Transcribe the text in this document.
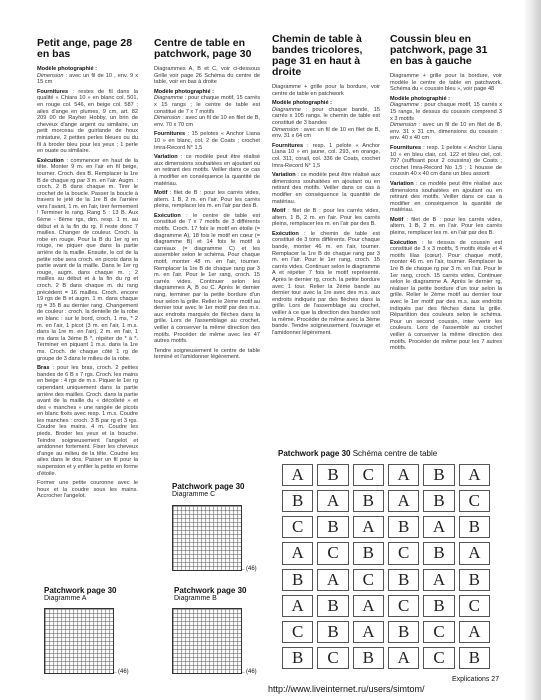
Petit ange, page 28 en bas

Modèle photographié :
Dimension : avec un fil de 10 , env. 9 x 15 cm

Fournitures : restes de fil dans la qualité « Chiara 10 » en blanc col. 501, en rouge col. 546, en beige col. 587 ; ailes d'ange en plumes, 9 cm, art. 82 209 00 de Rayher Hobby, un brin de cheveux d'ange argent ou similaire, un petit morceau de guirlande de houx miniature, 2 petites perles bleues ou du fil à broder bleu pour les yeux ; 1 perle en ouate ou similaire.

Exécution : commencer en haut de la tête. Monter 9 m. en l'air en fil beige, tourner. Croch. des B. Remplacer la 1re B de chaque rg par 3 m. en l'air. Augm. : croch. 2 B dans chaque m. Tirer le crochet de la boucle. Passer la boucle à travers le jeté de la 1re B de l'arrière vers l'avant, 1 m. en l'air, tirer fermement ! Terminer le rang. Rang 5 : 13 B. Aux 6ème - 8ème rgs, dim. resp. 1 m. au début et à la fin du rg. Il reste donc 7 mailles. Changer de couleur. Croch. la robe en rouge. Pour la B du 1er rg en rouge, ne piquer que dans la partie arrière de la maille. Ensuite, le col de la petite robe sera croch. en picots dans la partie avant de la maille. Dans le 1er rg rouge, augm. dans chaque m. ; 2 mailles au début et à la fin du rg et croch. 2 B dans chaque m. du rang précédent = 16 mailles. Croch. encore 19 rgs de B et augm. 1 m. dans chaque rg = 35 B au dernier rang. Changement de couleur : croch. la dentelle de la robe en blanc : sur le bord, croch. 1 ms, * 2 m. en l'air, 1 picot (3 m. en l'air, 1 m.s. dans la 1re m. en l'air), 2 m. en l'air, 1 ms dans la 3ème B *, répéter de * à *. Terminer en piquant 1 m.s. dans la 1re ms. Croch. de chaque côté 1 rg de groupe de 3 dans le milieu de la robe.

Bras : pour les bras, croch. 2 petites bandes de 6 B x 7 rgs. Croch. les mains en beige : 4 rgs de m.s. Piquer le 1er rg cependant uniquement dans la partie arrière des mailles. Croch. dans la partie avant de la maille du « décolleté » et des « manches » une rangée de picots en blanc fixés avec resp. 1 m.s. Coudre les manches : croch. 3 B par rg et 3 rgs. Coudre les mains. 4 m. Coudre les pieds. Broder les yeux et la bouche. Teindre soigneusement l'angelot et amidonner fortement. Fixer les cheveux d'ange au milieu de la tête. Coudre les ailes dans le dos. Passer un fil pour la suspension et y enfiler la petite en forme d'étoile.

Former une petite couronne avec le houx et la coudre sous les mains. Accrocher l'angelot.

Centre de table en patchwork, page 30

Diagrammes A, B et C, voir ci-dessous Grille voir page 26 Schéma du centre de table, voir en bas à droite

Modèle photographié :
Diagramme : pour chaque motif, 15 carrés x 15 rangs ; le centre de table est constitué de 7 x 7 motifs
Dimension : avec un fil de 10 en filet de B, env. 70 x 70 cm

Fournitures : 15 pelotes « Anchor Liana 10 » en blanc, col. 2 de Coats ; crochet Imra-Record N° 1,5

Variation : ce modèle peut être réalisé aux dimensions souhaitées en ajoutant ou en retirant des motifs. Veiller dans ce cas à modifier en conséquence la quantité de matériau.

Motif : filet de B : pour les carrés vides, altern. 1 B, 2 m. en l'air. Pour les carrés pleins, remplacer les m. en l'air par des B.

Exécution : le centre de table est constitué de 7 x 7 motifs de 3 différents motifs. Croch. 17 fois le motif en étoile (= diagramme A), 18 fois le motif en cœur (= diagramme B) et 14 fois le motif à carreaux (= diagramme C) et les assembler selon le schéma. Pour chaque motif, monter 48 m. en l'air, tourner. Remplacer la 1re B de chaque rang par 3 m. en l'air. Pour le 1er rang, croch. 15 carrés vides. Continuer selon les diagrammes A, B ou C. Après le dernier rang, terminer par la petite bordure d'un tour selon la grille. Relier le 2ème motif au dernier tour avec le 1er motif par des m.s. aux endroits marqués de flèches dans la grille. Lors de l'assemblage au crochet, veiller à conserver la même direction des motifs. Procéder de même avec les 47 autres motifs.

Tendre soigneusement le centre de table terminé et l'amidonner légèrement.

Chemin de table à bandes tricolores, page 31 en haut à droite

Diagramme + grille pour la bordure, voir centre de table en patchwork

Modèle photographié :
Diagramme : pour chaque bande, 15 carrés x 105 rangs. le chemin de table est constitué de 3 bandes
Dimension : avec un fil de 10 en filet de B, env. 31 x 64 cm

Fournitures : resp. 1 pelote « Anchor Liana 10 » en jaune, col. 293, en orange, col. 311, corail, col. 336 de Coats, crochet Imra-Record N° 1,5

Variation : ce modèle peut être réalisé aux dimensions souhaitées en ajoutant ou en retirant des motifs. Veiller dans ce cas à modifier en conséquence la quantité de matériau.

Motif : filet de B : pour les carrés vides, altern. 1 B, 2 m. en l'air. Pour les carrés pleins, remplacer les m. en l'air par des B.

Exécution : le chemin de table est constitué de 3 tons différents. Pour chaque bande, monter 46 m. en l'air, tourner. Remplacer la 1re B de chaque rang par 3 m. en l'air. Pour le 1er rang, croch. 15 carrés vides. Continuer selon le diagramme A et répéter 7 fois le motif représenté. Après le dernier rg, croch. la petite bordure avec 1 tour. Relier la 2ème bande au dernier tour avec la 1re avec des m.s. aux endroits indiqués par des flèches dans la grille. Lors de l'assemblage au crochet, veiller à ce que la direction des bandes soit la même. Procéder de même avec la 3ème bande. Tendre soigneusement l'ouvrage et l'amidonner légèrement.

Coussin bleu en patchwork, page 31 en bas à gauche

Diagramme + grille pour la bordure, voir modèle le centre de table en patchwork. Schéma du « coussin bleu », voir page 48

Modèle photographié :
Diagramme : pour chaque motif, 15 carrés x 15 rangs, le dessus du coussin comprend 3 x 3 motifs
Dimension : avec un fil de 10 en filet de B, env. 31 x 31 cm, dimensions du coussin : env. 40 x 40 cm

Fournitures : resp. 1 pelote « Anchor Liana 10 » en bleu clair, col. 122 et bleu ciel, col. 797 (suffisant pour 2 coussins) de Coats ; crochet Imra-Record No 1,5 ; 1 housse de coussin 40 x 40 cm dans un bleu assorti

Variation : ce modèle peut être réalisé aux dimensions souhaitées en ajoutant ou en retirant des motifs. Veiller dans ce cas à modifier en conséquence la quantité de matériau.

Motif : filet de B : pour les carrés vides, altern. 1 B, 2 m. en l'air. Pour les carrés pleins, remplacer les m. en l'air par des B.

Exécution : le dessus de coussin est constitué de 3 x 3 motifs, 5 motifs étoile et 4 motifs lilas (cœur). Pour chaque motif, monter 46 m. en l'air, tourner. Remplacer la 1re B de chaque rg par 3 m. en l'air. Pour le 1er rang, croch. 15 carrés vides. Continuer selon le diagramme A. Après le dernier rg, réaliser la petite bordure d'un tour selon la grille. Relier le 2ème motif au dernier tour avec le 1er motif par des m.s. aux endroits indiqués par des flèches dans la grille. Répartition des couleurs selon le schéma. Pour un second coussin, inter vertir les couleurs. Lors de l'assemble au crochet veiller à conserver la même direction des motifs. Procéder de même pour les 7 autres motifs.

Patchwork page 30
Diagramme C
←(46)
Patchwork page 30
Diagramme A
←(46)
Patchwork page 30
Diagramme B
←(46)
Patchwork page 30 Schéma centre de table
A	B	C	A	B	A
B	A	B	A	B	C
C	B	A	B	A	B
A	C	B	C	B	A
B	A	C	B	A	B
A	B	A	C	B	C
C	B	A	B	C	A
B	C	B	A	C	B
Explications 27
http://www.liveinternet.ru/users/simtom/
